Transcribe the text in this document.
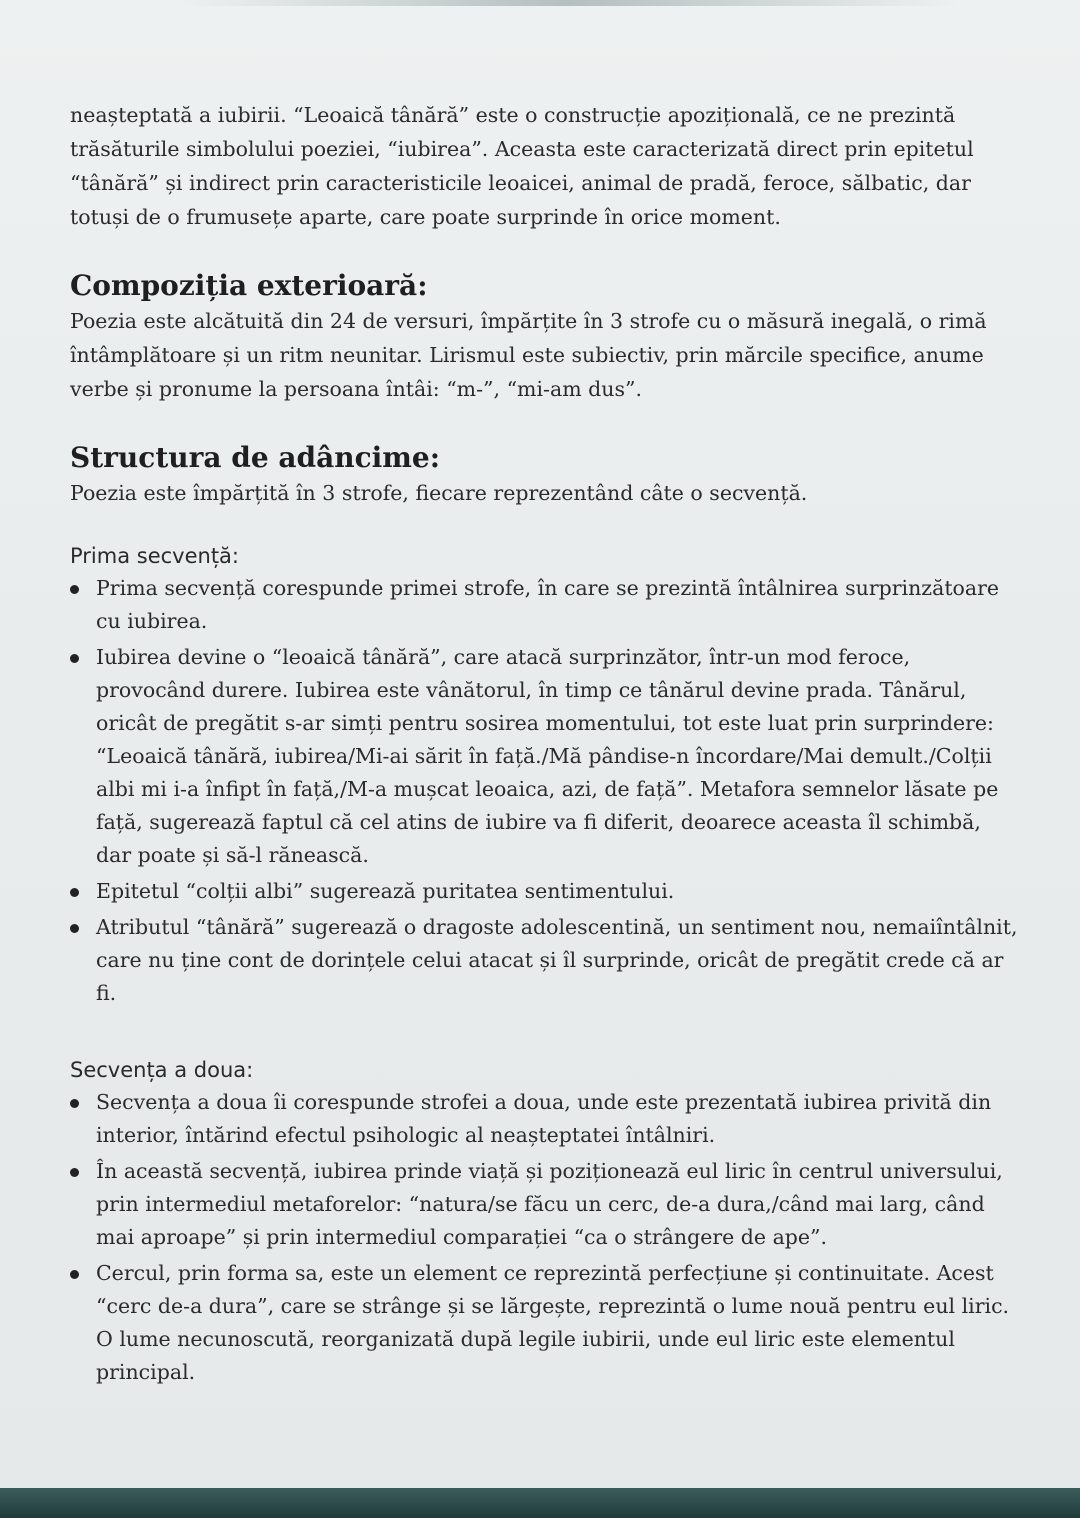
neașteptată a iubirii. “Leoaică tânără” este o construcție apozițională, ce ne prezintă trăsăturile simbolului poeziei, “iubirea”. Aceasta este caracterizată direct prin epitetul “tânără” și indirect prin caracteristicile leoaicei, animal de pradă, feroce, sălbatic, dar totuși de o frumusețe aparte, care poate surprinde în orice moment.

Compoziția exterioară:

Poezia este alcătuită din 24 de versuri, împărțite în 3 strofe cu o măsură inegală, o rimă întâmplătoare și un ritm neunitar. Lirismul este subiectiv, prin mărcile specifice, anume verbe și pronume la persoana întâi: “m-”, “mi-am dus”.

Structura de adâncime:

Poezia este împărțită în 3 strofe, fiecare reprezentând câte o secvență.

Prima secvență:

Prima secvență corespunde primei strofe, în care se prezintă întâlnirea surprinzătoare cu iubirea.
Iubirea devine o “leoaică tânără”, care atacă surprinzător, într-un mod feroce, provocând durere. Iubirea este vânătorul, în timp ce tânărul devine prada. Tânărul, oricât de pregătit s-ar simți pentru sosirea momentului, tot este luat prin surprindere: “Leoaică tânără, iubirea/Mi-ai sărit în față./Mă pândise-n încordare/Mai demult./Colții albi mi i-a înfipt în față,/M-a mușcat leoaica, azi, de față”. Metafora semnelor lăsate pe față, sugerează faptul că cel atins de iubire va fi diferit, deoarece aceasta îl schimbă, dar poate și să-l rănească.
Epitetul “colții albi” sugerează puritatea sentimentului.
Atributul “tânără” sugerează o dragoste adolescentină, un sentiment nou, nemaiîntâlnit, care nu ține cont de dorințele celui atacat și îl surprinde, oricât de pregătit crede că ar fi.

Secvența a doua:

Secvența a doua îi corespunde strofei a doua, unde este prezentată iubirea privită din interior, întărind efectul psihologic al neașteptatei întâlniri.
În această secvență, iubirea prinde viață și poziționează eul liric în centrul universului, prin intermediul metaforelor: “natura/se făcu un cerc, de-a dura,/când mai larg, când mai aproape” și prin intermediul comparației “ca o strângere de ape”.
Cercul, prin forma sa, este un element ce reprezintă perfecțiune și continuitate. Acest “cerc de-a dura”, care se strânge și se lărgește, reprezintă o lume nouă pentru eul liric. O lume necunoscută, reorganizată după legile iubirii, unde eul liric este elementul principal.
